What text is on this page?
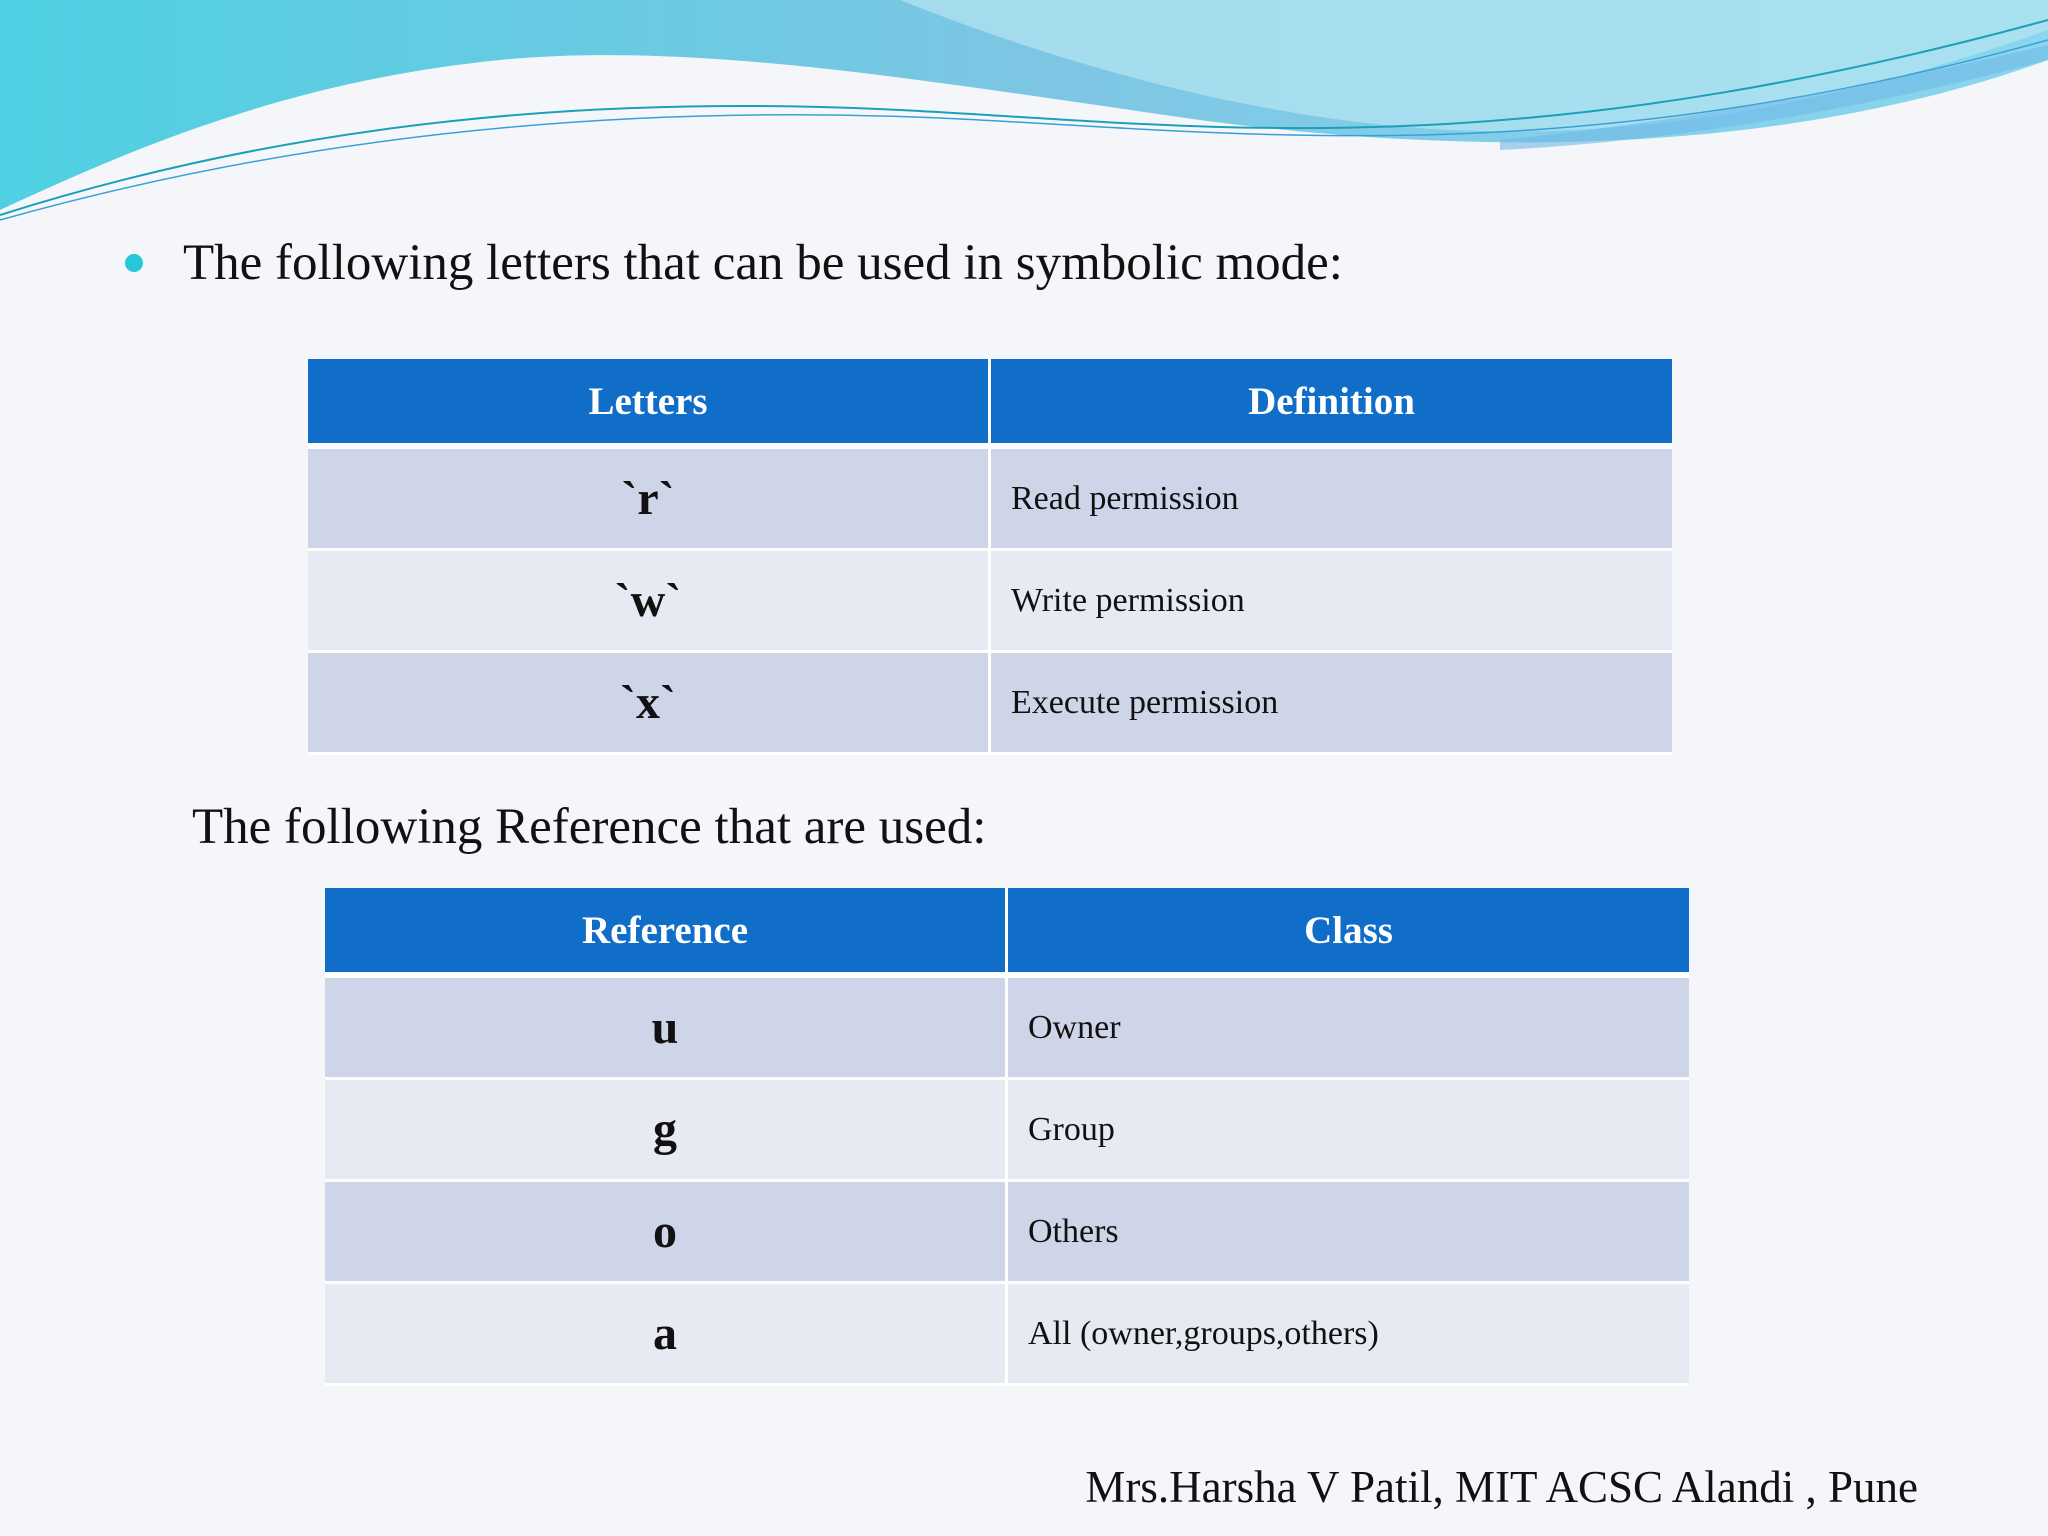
The following letters that can be used in symbolic mode:
Letters	Definition
`r`	Read permission
`w`	Write permission
`x`	Execute permission
The following Reference that are used:
Reference	Class
u	Owner
g	Group
o	Others
a	All (owner,groups,others)
Mrs.Harsha V Patil, MIT ACSC Alandi , Pune
